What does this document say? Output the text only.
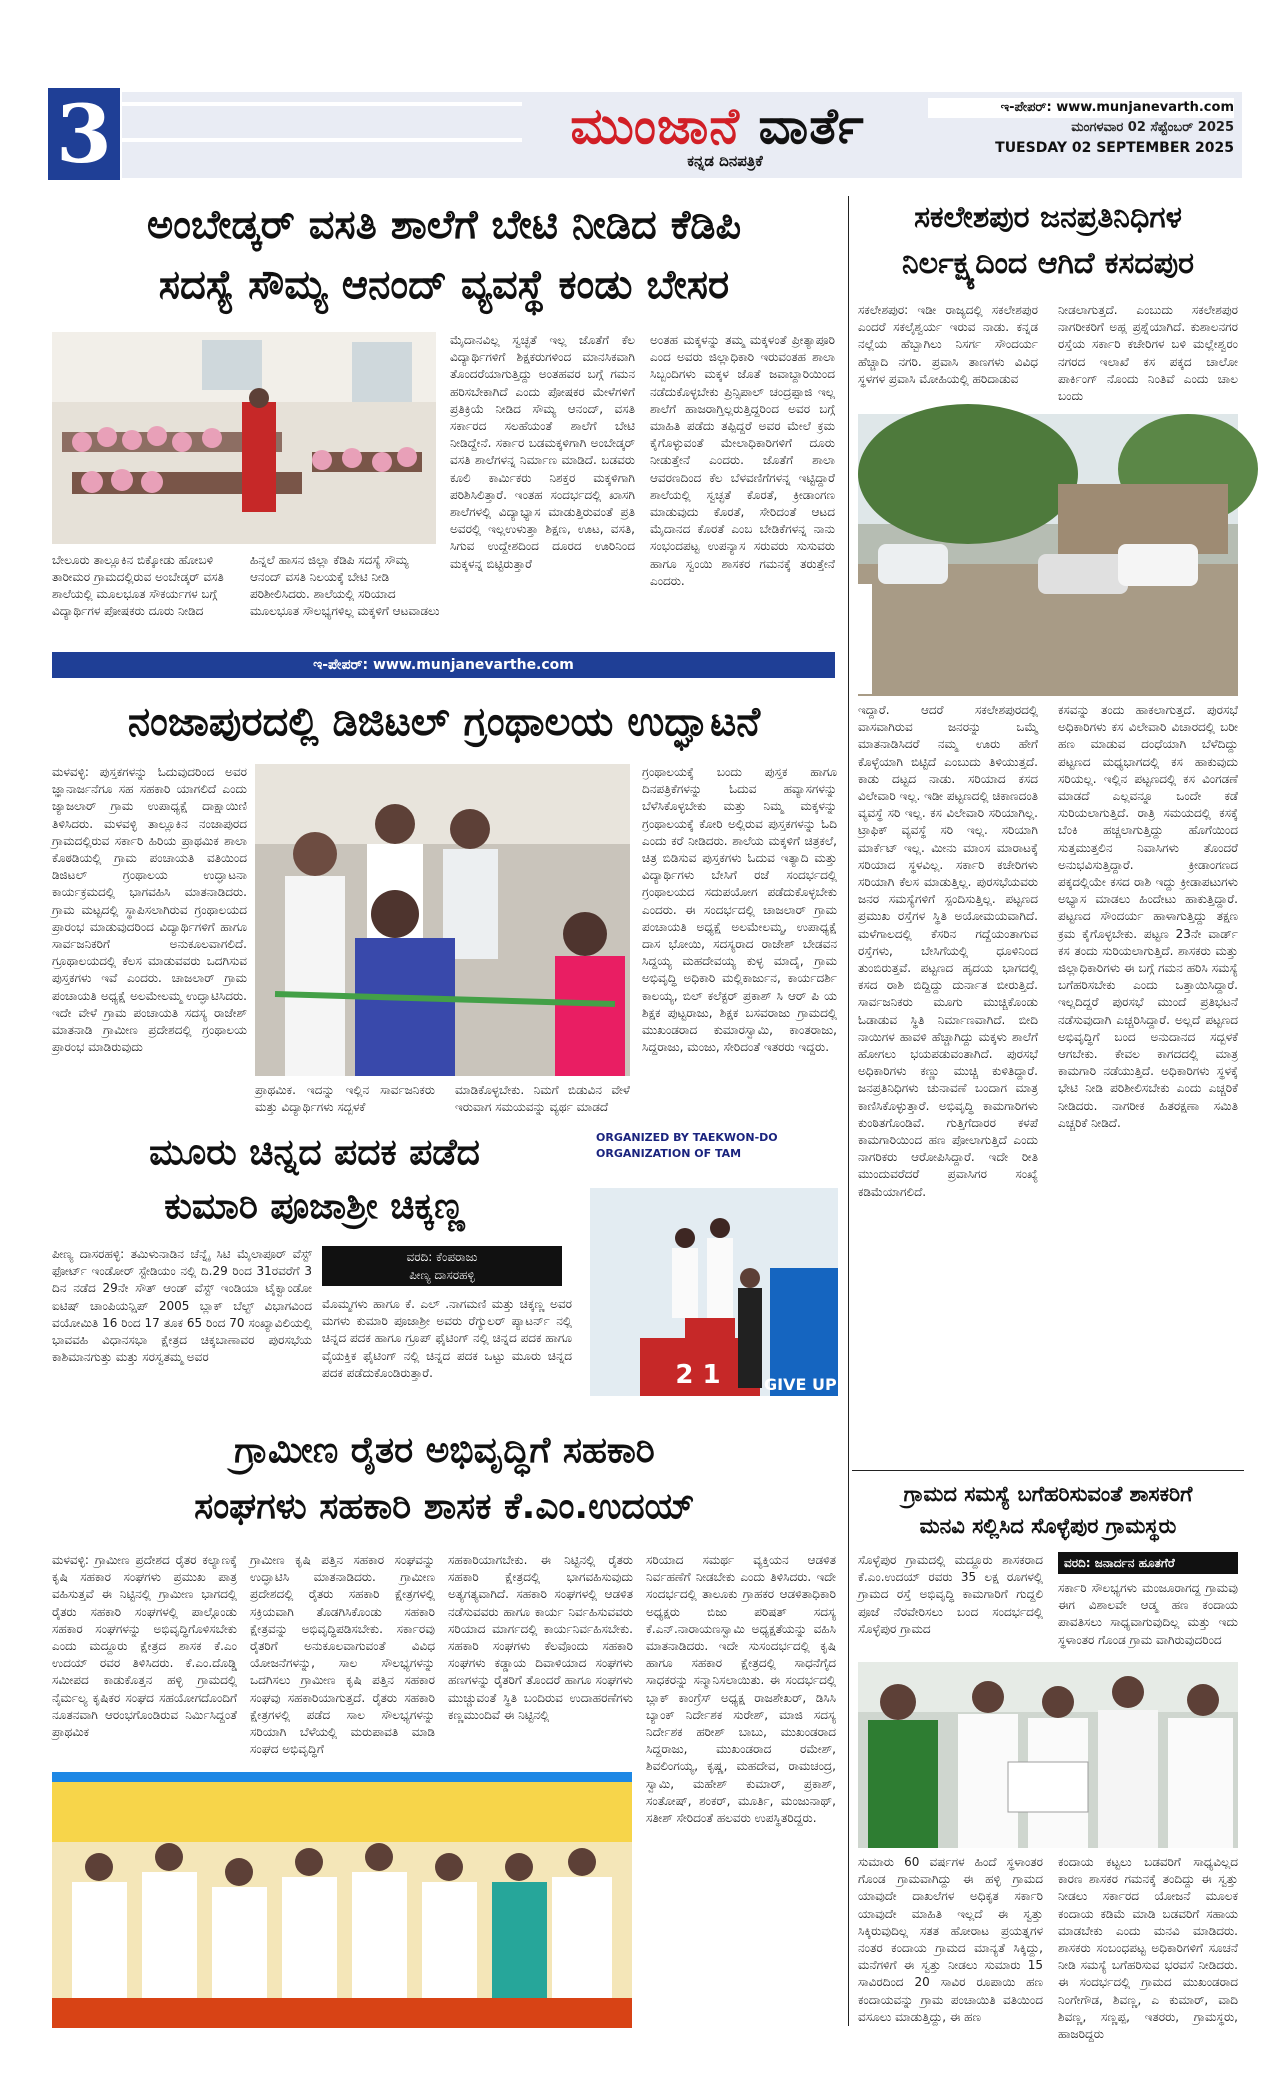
3	ಮುಂಜಾನೆ ವಾರ್ತೆ
ಕನ್ನಡ ದಿನಪತ್ರಿಕೆ
ಇ-ಪೇಪರ್: www.munjanevarth.com
ಮಂಗಳವಾರ 02 ಸೆಪ್ಟೆಂಬರ್ 2025
TUESDAY 02 SEPTEMBER 2025
ಅಂಬೇಡ್ಕರ್ ವಸತಿ ಶಾಲೆಗೆ ಬೇಟಿ ನೀಡಿದ ಕೆಡಿಪಿ
ಸದಸ್ಯೆ ಸೌಮ್ಯ ಆನಂದ್ ವ್ಯವಸ್ಥೆ ಕಂಡು ಬೇಸರ
ಬೇಲೂರು ತಾಲ್ಲೂಕಿನ ಬಿಕ್ಕೋಡು ಹೋಬಳಿ ತಾರೀಮರ ಗ್ರಾಮದಲ್ಲಿರುವ ಅಂಬೇಡ್ಕರ್ ವಸತಿ ಶಾಲೆಯಲ್ಲಿ ಮೂಲಭೂತ ಸೌಕರ್ಯಗಳ ಬಗ್ಗೆ ವಿದ್ಯಾರ್ಥಿಗಳ ಪೋಷಕರು ದೂರು ನೀಡಿದ
ಹಿನ್ನಲೆ ಹಾಸನ ಜಿಲ್ಲಾ ಕೆಡಿಪಿ ಸದಸ್ಯೆ ಸೌಮ್ಯ ಆನಂದ್ ವಸತಿ ನಿಲಯಕ್ಕೆ ಬೇಟಿ ನೀಡಿ ಪರಿಶೀಲಿಸಿದರು. ಶಾಲೆಯಲ್ಲಿ ಸರಿಯಾದ ಮೂಲಭೂತ ಸೌಲಭ್ಯಗಳಿಲ್ಲ ಮಕ್ಕಳಿಗೆ ಆಟವಾಡಲು
ಮೈದಾನವಿಲ್ಲ ಸ್ವಚ್ಛತೆ ಇಲ್ಲ ಜೊತೆಗೆ ಕೆಲ ವಿದ್ಯಾರ್ಥಿಗಳಿಗೆ ಶಿಕ್ಷಕರುಗಳಿಂದ ಮಾನಸಿಕವಾಗಿ ತೊಂದರೆಯಾಗುತ್ತಿದ್ದು ಅಂತಹವರ ಬಗ್ಗೆ ಗಮನ ಹರಿಸಬೇಕಾಗಿದೆ ಎಂದು ಪೋಷಕರ ಮೇಳೆಗಳಿಗೆ ಪ್ರತಿಕ್ರಿಯೆ ನೀಡಿದ ಸೌಮ್ಯ ಆನಂದ್, ವಸತಿ ಸರ್ಕಾರದ ಸಲಹೆಯಂತೆ ಶಾಲೆಗೆ ಬೇಟಿ ನೀಡಿದ್ದೇನೆ. ಸರ್ಕಾರ ಬಡಮಕ್ಕಳಿಗಾಗಿ ಅಂಬೇಡ್ಕರ್ ವಸತಿ ಶಾಲೆಗಳನ್ನ ನಿರ್ಮಾಣ ಮಾಡಿದೆ. ಬಡವರು ಕೂಲಿ ಕಾರ್ಮಿಕರು ನಿಶಕ್ತರ ಮಕ್ಕಳಿಗಾಗಿ ಪರಿಶಿಸಿಲಿತ್ತಾರೆ. ಇಂತಹ ಸಂದರ್ಭದಲ್ಲಿ ಖಾಸಗಿ ಶಾಲೆಗಳಲ್ಲಿ ವಿದ್ಯಾಭ್ಯಾಸ ಮಾಡುತ್ತಿರುವಂತೆ ಪ್ರತಿ ಅವರಲ್ಲಿ ಇಲ್ಲಉಳುತ್ತಾ ಶಿಕ್ಷಣ, ಊಟ, ವಸತಿ, ಸಿಗುವ ಉದ್ದೇಶದಿಂದ ದೂರದ ಊರಿನಿಂದ ಮಕ್ಕಳನ್ನ ಬಿಟ್ಟಿರುತ್ತಾರೆ
ಅಂತಹ ಮಕ್ಕಳನ್ನು ತಮ್ಮ ಮಕ್ಕಳಂತೆ ಪ್ರೀತ್ಯಾಪೂರಿ ಎಂದ ಅವರು ಜಿಲ್ಲಾಧಿಕಾರಿ ಇರುವಂತಹ ಶಾಲಾ ಸಿಬ್ಬಂದಿಗಳು ಮಕ್ಕಳ ಜೊತೆ ಜವಾಬ್ದಾರಿಯಿಂದ ನಡೆದುಕೊಳ್ಳಬೇಕು ಪ್ರಿನ್ಸಿಪಾಲ್ ಚಂದ್ರಪ್ಪಾಜಿ ಇಲ್ಲ ಶಾಲೆಗೆ ಹಾಜರಾಗ್ತಿಲ್ಲರುತ್ತಿದ್ದರಿಂದ ಅವರ ಬಗ್ಗೆ ಮಾಹಿತಿ ಪಡೆದು ತಪ್ಪಿದ್ದರೆ ಅವರ ಮೇಲೆ ಕ್ರಮ ಕೈಗೊಳ್ಳುವಂತೆ ಮೇಲಾಧಿಕಾರಿಗಳಿಗೆ ದೂರು ನೀಡುತ್ತೇನೆ ಎಂದರು. ಜೊತೆಗೆ ಶಾಲಾ ಆವರಣದಿಂದ ಕೆಲ ಬೆಳವಣಿಗೆಗಳನ್ನ ಇಟ್ಟಿದ್ದಾರೆ ಶಾಲೆಯಲ್ಲಿ ಸ್ವಚ್ಛತೆ ಕೊರತೆ, ಕ್ರೀಡಾಂಗಣ ಮಾಡುವುದು ಕೊರತೆ, ಸೇರಿದಂತೆ ಆಟದ ಮೈದಾನದ ಕೊರತೆ ಎಂಬ ಬೇಡಿಕೆಗಳನ್ನ ನಾನು ಸಂಭಂದಪಟ್ಟ ಉಪನ್ಯಾಸ ಸರುವರು ಸುಸುವರು ಹಾಗೂ ಸ್ವಂಯಿ ಶಾಸಕರ ಗಮನಕ್ಕೆ ತರುತ್ತೇನೆ ಎಂದರು.
ಇ-ಪೇಪರ್: www.munjanevarthe.com
ಸಕಲೇಶಪುರ ಜನಪ್ರತಿನಿಧಿಗಳ
ನಿರ್ಲಕ್ಷ್ಯದಿಂದ ಆಗಿದೆ ಕಸದಪುರ
ಸಕಲೇಶಪುರ: ಇಡೀ ರಾಜ್ಯದಲ್ಲಿ ಸಕಲೇಶಪುರ ಎಂದರೆ ಸಕಲೈಶ್ವರ್ಯ ಇರುವ ನಾಡು. ಕನ್ನಡ ನಲ್ಲೆಯ ಹೆಬ್ಬಾಗಿಲು ನಿಸರ್ಗ ಸೌಂದರ್ಯ ಹೆಚ್ಚಾದಿ ನಗರಿ. ಪ್ರವಾಸಿ ತಾಣಗಳು ವಿವಿಧ ಸ್ಥಳಗಳ ಪ್ರವಾಸಿ ಮೋಹಿಯಲ್ಲಿ ಹರಿದಾಡುವ
ನೀಡಲಾಗುತ್ತದೆ. ಎಂಬುದು ಸಕಲೇಶಪುರ ನಾಗರೀಕರಿಗೆ ಅಹ್ಲ ಪ್ರಶ್ನೆಯಾಗಿದೆ. ಕುಶಾಲನಗರ ರಸ್ತೆಯ ಸರ್ಕಾರಿ ಕಚೇರಿಗಳ ಬಳಿ ಮಲ್ಲೇಶ್ವರಂ ನಗರದ ಇಲಾಖೆ ಕಸ ಪಕ್ಕದ ಚಾಲೋ ಪಾರ್ಕಿಂಗ್ ನೊಂದು ನಿಂತಿವೆ ಎಂದು ಚಾಲ ಬಂದು
ಇದ್ದಾರೆ. ಆದರೆ ಸಕಲೇಶಪುರದಲ್ಲಿ ವಾಸವಾಗಿರುವ ಜನರನ್ನು ಒಮ್ಮೆ ಮಾತನಾಡಿಸಿದರೆ ನಮ್ಮ ಊರು ಹೇಗೆ ಕೊಳ್ಳೆಯಾಗಿ ಬಿಟ್ಟಿದೆ ಎಂಬುದು ತಿಳಿಯುತ್ತದೆ. ಕಾಡು ದಟ್ಟದ ನಾಡು. ಸರಿಯಾದ ಕಸದ ವಿಲೇವಾರಿ ಇಲ್ಲ. ಇಡೀ ಪಟ್ಟಣದಲ್ಲಿ ಚಿಕಾಣದಂತಿ ವ್ಯವಸ್ಥೆ ಸರಿ ಇಲ್ಲ. ಕಸ ವಿಲೇವಾರಿ ಸರಿಯಾಗಿಲ್ಲ. ಟ್ರಾಫಿಕ್ ವ್ಯವಸ್ಥೆ ಸರಿ ಇಲ್ಲ. ಸರಿಯಾಗಿ ಮಾರ್ಕೆಟ್ ಇಲ್ಲ. ಮೀನು ಮಾಂಸ ಮಾರಾಟಕ್ಕೆ ಸರಿಯಾದ ಸ್ಥಳವಿಲ್ಲ. ಸರ್ಕಾರಿ ಕಚೇರಿಗಳು ಸರಿಯಾಗಿ ಕೆಲಸ ಮಾಡುತ್ತಿಲ್ಲ. ಪುರಸಭೆಯವರು ಜನರ ಸಮಸ್ಯೆಗಳಿಗೆ ಸ್ಪಂದಿಸುತ್ತಿಲ್ಲ. ಪಟ್ಟಣದ ಪ್ರಮುಖ ರಸ್ತೆಗಳ ಸ್ಥಿತಿ ಅಯೋಮಯವಾಗಿದೆ. ಮಳೆಗಾಲದಲ್ಲಿ ಕೆಸರಿನ ಗದ್ದೆಯಂತಾಗುವ ರಸ್ತೆಗಳು, ಬೇಸಿಗೆಯಲ್ಲಿ ಧೂಳಿನಿಂದ ತುಂಬಿರುತ್ತವೆ. ಪಟ್ಟಣದ ಹೃದಯ ಭಾಗದಲ್ಲಿ ಕಸದ ರಾಶಿ ಬಿದ್ದಿದ್ದು ದುರ್ನಾತ ಬೀರುತ್ತಿದೆ. ಸಾರ್ವಜನಿಕರು ಮೂಗು ಮುಚ್ಚಿಕೊಂಡು ಓಡಾಡುವ ಸ್ಥಿತಿ ನಿರ್ಮಾಣವಾಗಿದೆ. ಬೀದಿ ನಾಯಿಗಳ ಹಾವಳಿ ಹೆಚ್ಚಾಗಿದ್ದು ಮಕ್ಕಳು ಶಾಲೆಗೆ ಹೋಗಲು ಭಯಪಡುವಂತಾಗಿದೆ. ಪುರಸಭೆ ಅಧಿಕಾರಿಗಳು ಕಣ್ಣು ಮುಚ್ಚಿ ಕುಳಿತಿದ್ದಾರೆ. ಜನಪ್ರತಿನಿಧಿಗಳು ಚುನಾವಣೆ ಬಂದಾಗ ಮಾತ್ರ ಕಾಣಿಸಿಕೊಳ್ಳುತ್ತಾರೆ. ಅಭಿವೃದ್ಧಿ ಕಾಮಗಾರಿಗಳು ಕುಂಠಿತಗೊಂಡಿವೆ. ಗುತ್ತಿಗೆದಾರರ ಕಳಪೆ ಕಾಮಗಾರಿಯಿಂದ ಹಣ ಪೋಲಾಗುತ್ತಿದೆ ಎಂದು ನಾಗರಿಕರು ಆರೋಪಿಸಿದ್ದಾರೆ. ಇದೇ ರೀತಿ ಮುಂದುವರೆದರೆ ಪ್ರವಾಸಿಗರ ಸಂಖ್ಯೆ ಕಡಿಮೆಯಾಗಲಿದೆ.
ಕಸವನ್ನು ತಂದು ಹಾಕಲಾಗುತ್ತದೆ. ಪುರಸಭೆ ಅಧಿಕಾರಿಗಳು ಕಸ ವಿಲೇವಾರಿ ವಿಚಾರದಲ್ಲಿ ಬರೀ ಹಣ ಮಾಡುವ ದಂಧೆಯಾಗಿ ಬೆಳೆದಿದ್ದು ಪಟ್ಟಣದ ಮಧ್ಯಭಾಗದಲ್ಲಿ ಕಸ ಹಾಕುವುದು ಸರಿಯಲ್ಲ. ಇಲ್ಲಿನ ಪಟ್ಟಣದಲ್ಲಿ ಕಸ ವಿಂಗಡಣೆ ಮಾಡದೆ ಎಲ್ಲವನ್ನೂ ಒಂದೇ ಕಡೆ ಸುರಿಯಲಾಗುತ್ತಿದೆ. ರಾತ್ರಿ ಸಮಯದಲ್ಲಿ ಕಸಕ್ಕೆ ಬೆಂಕಿ ಹಚ್ಚಲಾಗುತ್ತಿದ್ದು ಹೊಗೆಯಿಂದ ಸುತ್ತಮುತ್ತಲಿನ ನಿವಾಸಿಗಳು ತೊಂದರೆ ಅನುಭವಿಸುತ್ತಿದ್ದಾರೆ. ಕ್ರೀಡಾಂಗಣದ ಪಕ್ಕದಲ್ಲಿಯೇ ಕಸದ ರಾಶಿ ಇದ್ದು ಕ್ರೀಡಾಪಟುಗಳು ಅಭ್ಯಾಸ ಮಾಡಲು ಹಿಂದೇಟು ಹಾಕುತ್ತಿದ್ದಾರೆ. ಪಟ್ಟಣದ ಸೌಂದರ್ಯ ಹಾಳಾಗುತ್ತಿದ್ದು ತಕ್ಷಣ ಕ್ರಮ ಕೈಗೊಳ್ಳಬೇಕು. ಪಟ್ಟಣ 23ನೇ ವಾರ್ಡ್ ಕಸ ತಂದು ಸುರಿಯಲಾಗುತ್ತಿದೆ. ಶಾಸಕರು ಮತ್ತು ಜಿಲ್ಲಾಧಿಕಾರಿಗಳು ಈ ಬಗ್ಗೆ ಗಮನ ಹರಿಸಿ ಸಮಸ್ಯೆ ಬಗೆಹರಿಸಬೇಕು ಎಂದು ಒತ್ತಾಯಿಸಿದ್ದಾರೆ. ಇಲ್ಲದಿದ್ದರೆ ಪುರಸಭೆ ಮುಂದೆ ಪ್ರತಿಭಟನೆ ನಡೆಸುವುದಾಗಿ ಎಚ್ಚರಿಸಿದ್ದಾರೆ. ಅಲ್ಲದೆ ಪಟ್ಟಣದ ಅಭಿವೃದ್ಧಿಗೆ ಬಂದ ಅನುದಾನದ ಸದ್ಬಳಕೆ ಆಗಬೇಕು. ಕೇವಲ ಕಾಗದದಲ್ಲಿ ಮಾತ್ರ ಕಾಮಗಾರಿ ನಡೆಯುತ್ತಿದೆ. ಅಧಿಕಾರಿಗಳು ಸ್ಥಳಕ್ಕೆ ಭೇಟಿ ನೀಡಿ ಪರಿಶೀಲಿಸಬೇಕು ಎಂದು ಎಚ್ಚರಿಕೆ ನೀಡಿದರು. ನಾಗರೀಕ ಹಿತರಕ್ಷಣಾ ಸಮಿತಿ ಎಚ್ಚರಿಕೆ ನೀಡಿದೆ.
ನಂಜಾಪುರದಲ್ಲಿ ಡಿಜಿಟಲ್ ಗ್ರಂಥಾಲಯ ಉದ್ಘಾಟನೆ
ಮಳವಳ್ಳಿ: ಪುಸ್ತಕಗಳನ್ನು ಓದುವುದರಿಂದ ಅವರ ಜ್ಞಾನಾರ್ಜನೆಗೂ ಸಹ ಸಹಕಾರಿ ಯಾಗಲಿದೆ ಎಂದು ಜ್ಯಾಜಲಾರ್ ಗ್ರಾಮ ಉಪಾಧ್ಯಕ್ಷೆ ದಾಕ್ಷಾಯಿಣಿ ತಿಳಿಸಿದರು. ಮಳವಳ್ಳಿ ತಾಲ್ಲೂಕಿನ ನಂಜಾಪುರದ ಗ್ರಾಮದಲ್ಲಿರುವ ಸರ್ಕಾರಿ ಹಿರಿಯ ಪ್ರಾಥಮಿಕ ಶಾಲಾ ಕೊಠಡಿಯಲ್ಲಿ ಗ್ರಾಮ ಪಂಚಾಯತಿ ವತಿಯಿಂದ ಡಿಜಿಟಲ್ ಗ್ರಂಥಾಲಯ ಉದ್ಘಾಟನಾ ಕಾರ್ಯಕ್ರಮದಲ್ಲಿ ಭಾಗವಹಿಸಿ ಮಾತನಾಡಿದರು. ಗ್ರಾಮ ಮಟ್ಟದಲ್ಲಿ ಸ್ಥಾಪಿಸಲಾಗಿರುವ ಗ್ರಂಥಾಲಯದ ಪ್ರಾರಂಭ ಮಾಡುವುದರಿಂದ ವಿದ್ಯಾರ್ಥಿಗಳಿಗೆ ಹಾಗೂ ಸಾರ್ವಜನಿಕರಿಗೆ ಅನುಕೂಲವಾಗಲಿದೆ. ಗ್ರೂಥಾಲಯದಲ್ಲಿ ಕೆಲಸ ಮಾಡುವವರು ಒದಗಿಸುವ ಪುಸ್ತಕಗಳು ಇವೆ ಎಂದರು. ಚಾಜಲಾರ್ ಗ್ರಾಮ ಪಂಚಾಯತಿ ಅಧ್ಯಕ್ಷೆ ಅಲಮೇಲಮ್ಮ ಉದ್ಘಾಟಿಸಿದರು. ಇದೇ ವೇಳೆ ಗ್ರಾಮ ಪಂಚಾಯತಿ ಸದಸ್ಯ ರಾಜೇಶ್ ಮಾತನಾಡಿ ಗ್ರಾಮೀಣ ಪ್ರದೇಶದಲ್ಲಿ ಗ್ರಂಥಾಲಯ ಪ್ರಾರಂಭ ಮಾಡಿರುವುದು
ಪ್ರಾಥಮಿಕ. ಇದನ್ನು ಇಲ್ಲಿನ ಸಾರ್ವಜನಿಕರು ಮತ್ತು ವಿದ್ಯಾರ್ಥಿಗಳು ಸದ್ಬಳಕೆ
ಮಾಡಿಕೊಳ್ಳಬೇಕು. ನಿಮಗೆ ಬಿಡುವಿನ ವೇಳೆ ಇರುವಾಗ ಸಮಯವನ್ನು ವ್ಯರ್ಥ ಮಾಡದೆ
ಗ್ರಂಥಾಲಯಕ್ಕೆ ಬಂದು ಪುಸ್ತಕ ಹಾಗೂ ದಿನಪತ್ರಿಕೆಗಳನ್ನು ಓದುವ ಹವ್ಯಾಸಗಳನ್ನು ಬೆಳೆಸಿಕೊಳ್ಳಬೇಕು ಮತ್ತು ನಿಮ್ಮ ಮಕ್ಕಳನ್ನು ಗ್ರಂಥಾಲಯಕ್ಕೆ ಕೋರಿ ಅಲ್ಲಿರುವ ಪುಸ್ತಕಗಳನ್ನು ಓದಿ ಎಂದು ಕರೆ ನೀಡಿದರು. ಶಾಲೆಯ ಮಕ್ಕಳಿಗೆ ಚಿತ್ರಕಲೆ, ಚಿತ್ರ ಬಿಡಿಸುವ ಪುಸ್ತಕಗಳು ಓದುವ ಇತ್ಯಾದಿ ಮತ್ತು ವಿದ್ಯಾರ್ಥಿಗಳು ಬೇಸಿಗೆ ರಜೆ ಸಂದರ್ಭದಲ್ಲಿ ಗ್ರಂಥಾಲಯದ ಸದುಪಯೋಗ ಪಡೆದುಕೊಳ್ಳಬೇಕು ಎಂದರು. ಈ ಸಂದರ್ಭದಲ್ಲಿ ಚಾಜಲಾರ್ ಗ್ರಾಮ ಪಂಚಾಯತಿ ಅಧ್ಯಕ್ಷೆ ಅಲಮೇಲಮ್ಮ, ಉಪಾಧ್ಯಕ್ಷೆ ದಾಸ ಭೋಯಿ, ಸದಸ್ಯರಾದ ರಾಜೇಶ್ ಬೇಡವನ ಸಿದ್ದಯ್ಯ ಮಹದೇವಯ್ಯ ಕುಳ್ಳ ಮಾದೈ, ಗ್ರಾಮ ಅಭಿವೃದ್ಧಿ ಅಧಿಕಾರಿ ಮಲ್ಲಿಕಾರ್ಜುನ, ಕಾರ್ಯದರ್ಶಿ ಕಾಲಯ್ಯ, ಬಿಲ್ ಕಲೆಕ್ಟರ್ ಪ್ರಕಾಶ್ ಸಿ ಆರ್ ಪಿ ಯ ಶಿಕ್ಷಕ ಪುಟ್ಟರಾಜು, ಶಿಕ್ಷಕ ಬಸವರಾಜು ಗ್ರಾಮದಲ್ಲಿ ಮುಖಂಡರಾದ ಕುಮಾರಸ್ವಾಮಿ, ಕಾಂತರಾಜು, ಸಿದ್ದರಾಜು, ಮಂಜು, ಸೇರಿದಂತೆ ಇತರರು ಇದ್ದರು.
ಮೂರು ಚಿನ್ನದ ಪದಕ ಪಡೆದ
ಕುಮಾರಿ ಪೂಜಾಶ್ರೀ ಚಿಕ್ಕಣ್ಣ
ಪೀಣ್ಯ ದಾಸರಹಳ್ಳಿ: ತಮಿಳುನಾಡಿನ ಚೆನ್ನೈ ಸಿಟಿ ಮೈಲಾಪೂರ್ ವೆಸ್ಟ್ ಫೋರ್ಟ್ ಇಂಡೋರ್ ಸ್ಟೇಡಿಯಂ ನಲ್ಲಿ ದಿ.29 ರಿಂದ 31ರವರೆಗೆ 3 ದಿನ ನಡೆದ 29ನೇ ಸೌತ್ ಆಂಡ್ ವೆಸ್ಟ್ ಇಂಡಿಯಾ ಟೈಕ್ವಾಂಡೋ ಐಟಿಷ್ ಚಾಂಪಿಯನ್ಷಿಪ್ 2005 ಬ್ಲಾಕ್ ಬೆಲ್ಟ್ ವಿಭಾಗವಿಂದ ವಯೋಮಿತಿ 16 ರಿಂದ 17 ತೂಕ 65 ರಿಂದ 70 ಸಂಖ್ಯಾವಿಲಿಯಲ್ಲಿ ಭಾವವಹಿ ವಿಧಾನಸಭಾ ಕ್ಷೇತ್ರದ ಚಿಕ್ಕಬಾಣಾವರ ಪುರಸಭೆಯ ಕಾಶಿಮಾನಗುತ್ತು ಮತ್ತು ಸರಸ್ವತಮ್ಮ ಅವರ
ವರದಿ: ಕೆಂಪರಾಜು
ಪೀಣ್ಯ ದಾಸರಹಳ್ಳಿ
ಮೊಮ್ಮಗಳು ಹಾಗೂ ಕೆ. ಎಲ್ .ನಾಗಮಣಿ ಮತ್ತು ಚಿಕ್ಕಣ್ಣ ಅವರ ಮಗಳು ಕುಮಾರಿ ಪೂಜಾಶ್ರೀ ಅವರು ರೆಗ್ಯುಲರ್ ಪ್ಯಾಟರ್ನ್ ನಲ್ಲಿ ಚಿನ್ನದ ಪದಕ ಹಾಗೂ ಗ್ರೂಪ್ ಫೈಟಿಂಗ್ ನಲ್ಲಿ ಚಿನ್ನದ ಪದಕ ಹಾಗೂ ವೈಯಕ್ತಿಕ ಫೈಟಿಂಗ್ ನಲ್ಲಿ ಚಿನ್ನದ ಪದಕ ಒಟ್ಟು ಮೂರು ಚಿನ್ನದ ಪದಕ ಪಡೆದುಕೊಂಡಿರುತ್ತಾರೆ.	2 1	GIVE UP!
ORGANIZED BY TAEKWON-DO ORGANIZATION OF TAM
ಗ್ರಾಮೀಣ ರೈತರ ಅಭಿವೃದ್ಧಿಗೆ ಸಹಕಾರಿ
ಸಂಘಗಳು ಸಹಕಾರಿ ಶಾಸಕ ಕೆ.ಎಂ.ಉದಯ್
ಮಳವಳ್ಳಿ: ಗ್ರಾಮೀಣ ಪ್ರದೇಶದ ರೈತರ ಕಲ್ಯಾಣಕ್ಕೆ ಕೃಷಿ ಸಹಕಾರ ಸಂಘಗಳು ಪ್ರಮುಖ ಪಾತ್ರ ವಹಿಸುತ್ತವೆ ಈ ನಿಟ್ಟಿನಲ್ಲಿ ಗ್ರಾಮೀಣ ಭಾಗದಲ್ಲಿ ರೈತರು ಸಹಕಾರಿ ಸಂಘಗಳಲ್ಲಿ ಪಾಲ್ಗೊಂಡು ಸಹಕಾರ ಸಂಘಗಳನ್ನು ಅಭಿವೃದ್ಧಿಗೊಳಿಸಬೇಕು ಎಂದು ಮದ್ದೂರು ಕ್ಷೇತ್ರದ ಶಾಸಕ ಕೆ.ಎಂ ಉದಯ್ ರವರ ತಿಳಿಸಿದರು. ಕೆ.ಎಂ.ದೊಡ್ಡಿ ಸಮೀಪದ ಕಾಡುಕೊತ್ತನ ಹಳ್ಳಿ ಗ್ರಾಮದಲ್ಲಿ ನೈರ್ಮಲ್ಯ ಕೃಷಿಕರ ಸಂಘದ ಸಹಯೋಗದೊಂದಿಗೆ ನೂತನವಾಗಿ ಆರಂಭಗೊಂಡಿರುವ ನಿರ್ಮಿಸಿದ್ದಂತೆ ಪ್ರಾಥಮಿಕ
ಗ್ರಾಮೀಣ ಕೃಷಿ ಪತ್ತಿನ ಸಹಕಾರ ಸಂಘವನ್ನು ಉದ್ಘಾಟಿಸಿ ಮಾತನಾಡಿದರು. ಗ್ರಾಮೀಣ ಪ್ರದೇಶದಲ್ಲಿ ರೈತರು ಸಹಕಾರಿ ಕ್ಷೇತ್ರಗಳಲ್ಲಿ ಸಕ್ರಿಯವಾಗಿ ತೊಡಗಿಸಿಕೊಂಡು ಸಹಕಾರಿ ಕ್ಷೇತ್ರವನ್ನು ಅಭಿವೃದ್ಧಿಪಡಿಸಬೇಕು. ಸರ್ಕಾರವು ರೈತರಿಗೆ ಅನುಕೂಲವಾಗುವಂತೆ ವಿವಿಧ ಯೋಜನೆಗಳನ್ನು, ಸಾಲ ಸೌಲಭ್ಯಗಳನ್ನು ಒದಗಿಸಲು ಗ್ರಾಮೀಣ ಕೃಷಿ ಪತ್ತಿನ ಸಹಕಾರ ಸಂಘವು ಸಹಕಾರಿಯಾಗುತ್ತದೆ. ರೈತರು ಸಹಕಾರಿ ಕ್ಷೇತ್ರಗಳಲ್ಲಿ ಪಡೆದ ಸಾಲ ಸೌಲಭ್ಯಗಳನ್ನು ಸರಿಯಾಗಿ ಬೆಳೆಯಲ್ಲಿ ಮರುಪಾವತಿ ಮಾಡಿ ಸಂಘದ ಅಭಿವೃದ್ಧಿಗೆ
ಸಹಕಾರಿಯಾಗಬೇಕು. ಈ ನಿಟ್ಟಿನಲ್ಲಿ ರೈತರು ಸಹಕಾರಿ ಕ್ಷೇತ್ರದಲ್ಲಿ ಭಾಗವಹಿಸುವುದು ಅತ್ಯಗತ್ಯವಾಗಿದೆ. ಸಹಕಾರಿ ಸಂಘಗಳಲ್ಲಿ ಆಡಳಿತ ನಡೆಸುವವರು ಹಾಗೂ ಕಾರ್ಯ ನಿರ್ವಹಿಸುವವರು ಸರಿಯಾದ ಮಾರ್ಗದಲ್ಲಿ ಕಾರ್ಯನಿರ್ವಹಿಸಬೇಕು. ಸಹಕಾರಿ ಸಂಘಗಳು ಕೆಲವೊಂದು ಸಹಕಾರಿ ಸಂಘಗಳು ಕಡ್ಡಾಯ ದಿವಾಳಿಯಾದ ಸಂಘಗಳು ಹಣಗಳನ್ನು ರೈತರಿಗೆ ತೊಂದರೆ ಹಾಗೂ ಸಂಘಗಳು ಮುಚ್ಚುವಂತೆ ಸ್ಥಿತಿ ಬಂದಿರುವ ಉದಾಹರಣೆಗಳು ಕಣ್ಣಮುಂದಿವೆ ಈ ನಿಟ್ಟಿನಲ್ಲಿ
ಸರಿಯಾದ ಸಮರ್ಥ ವ್ಯಕ್ತಿಯನ ಆಡಳಿತ ನಿರ್ವಹಣೆಗೆ ನೀಡಬೇಕು ಎಂದು ತಿಳಿಸಿದರು. ಇದೇ ಸಂದರ್ಭದಲ್ಲಿ ತಾಲೂಕು ಗ್ರಾಹಕರ ಆಡಳಿತಾಧಿಕಾರಿ ಅಧ್ಯಕ್ಷರು ಬಿಜು ಪರಿಷತ್ ಸದಸ್ಯ ಕೆ.ಎನ್.ನಾರಾಯಣಸ್ವಾಮಿ ಅಧ್ಯಕ್ಷತೆಯನ್ನು ವಹಿಸಿ ಮಾತನಾಡಿದರು. ಇದೇ ಸುಸಂದರ್ಭದಲ್ಲಿ ಕೃಷಿ ಹಾಗೂ ಸಹಕಾರ ಕ್ಷೇತ್ರದಲ್ಲಿ ಸಾಧನೆಗೈದ ಸಾಧಕರನ್ನು ಸನ್ಮಾನಿಸಲಾಯಿತು. ಈ ಸಂದರ್ಭದಲ್ಲಿ ಬ್ಲಾಕ್ ಕಾಂಗ್ರೆಸ್ ಅಧ್ಯಕ್ಷ ರಾಜಶೇಖರ್, ಡಿಸಿಸಿ ಬ್ಯಾಂಕ್ ನಿರ್ದೇಶಕ ಸುರೇಶ್, ಮಾಜಿ ಸದಸ್ಯ ನಿರ್ದೇಶಕ ಹರೀಶ್ ಬಾಬು, ಮುಖಂಡರಾದ ಸಿದ್ದರಾಜು, ಮುಖಂಡರಾದ ರಮೇಶ್, ಶಿವಲಿಂಗಯ್ಯ, ಕೃಷ್ಣ, ಮಹದೇವ, ರಾಮಚಂದ್ರ, ಸ್ವಾಮಿ, ಮಹೇಶ್ ಕುಮಾರ್, ಪ್ರಕಾಶ್, ಸಂತೋಷ್, ಶಂಕರ್, ಮೂರ್ತಿ, ಮಂಜುನಾಥ್, ಸತೀಶ್ ಸೇರಿದಂತೆ ಹಲವರು ಉಪಸ್ಥಿತರಿದ್ದರು.
ಗ್ರಾಮದ ಸಮಸ್ಯೆ ಬಗೆಹರಿಸುವಂತೆ ಶಾಸಕರಿಗೆ
ಮನವಿ ಸಲ್ಲಿಸಿದ ಸೊಳ್ಳೆಪುರ ಗ್ರಾಮಸ್ಥರು
ಸೊಳ್ಳೆಪುರ ಗ್ರಾಮದಲ್ಲಿ ಮದ್ದೂರು ಶಾಸಕರಾದ ಕೆ.ಎಂ.ಉದಯ್ ರವರು 35 ಲಕ್ಷ ರೂಗಳಲ್ಲಿ ಗ್ರಾಮದ ರಸ್ತೆ ಅಭಿವೃದ್ಧಿ ಕಾಮಗಾರಿಗೆ ಗುದ್ದಲಿ ಪೂಜೆ ನೆರವೇರಿಸಲು ಬಂದ ಸಂದರ್ಭದಲ್ಲಿ ಸೊಳ್ಳೆಪುರ ಗ್ರಾಮದ
ವರದಿ: ಜನಾರ್ದನ ಹೂತಗೆರೆ
ಸರ್ಕಾರಿ ಸೌಲಭ್ಯಗಳು ಮಂಜೂರಾಗದ್ದ ಗ್ರಾಮವು ಈಗ ವಿಶಾಲವೇ ಆಡ್ಮ ಹಣ ಕಂದಾಯ ಪಾವತಿಸಲು ಸಾಧ್ಯವಾಗುವುದಿಲ್ಲ ಮತ್ತು ಇದು ಸ್ಥಳಾಂತರ ಗೊಂಡ ಗ್ರಾಮ ವಾಗಿರುವುದರಿಂದ
ಸುಮಾರು 60 ವರ್ಷಗಳ ಹಿಂದೆ ಸ್ಥಳಾಂತರ ಗೊಂಡ ಗ್ರಾಮವಾಗಿದ್ದು ಈ ಹಳ್ಳಿ ಗ್ರಾಮದ ಯಾವುದೇ ದಾಖಲೆಗಳ ಅಧಿಕೃತ ಸರ್ಕಾರಿ ಯಾವುದೇ ಮಾಹಿತಿ ಇಲ್ಲದೆ ಈ ಸ್ವತ್ತು ಸಿಕ್ಕಿರುವುದಿಲ್ಲ ಸತತ ಹೋರಾಟ ಪ್ರಯತ್ನಗಳ ನಂತರ ಕಂದಾಯ ಗ್ರಾಮದ ಮಾನ್ಯತೆ ಸಿಕ್ಕಿದ್ದು, ಮನೆಗಳಿಗೆ ಈ ಸ್ವತ್ತು ನೀಡಲು ಸುಮಾರು 15 ಸಾವಿರದಿಂದ 20 ಸಾವಿರ ರೂಪಾಯಿ ಹಣ ಕಂದಾಯವನ್ನು ಗ್ರಾಮ ಪಂಚಾಯಿತಿ ವತಿಯಿಂದ ವಸೂಲು ಮಾಡುತ್ತಿದ್ದು, ಈ ಹಣ
ಕಂದಾಯ ಕಟ್ಟಲು ಬಡವರಿಗೆ ಸಾಧ್ಯವಿಲ್ಲದ ಕಾರಣ ಶಾಸಕರ ಗಮನಕ್ಕೆ ತಂದಿದ್ದು ಈ ಸ್ವತ್ತು ನೀಡಲು ಸರ್ಕಾರದ ಯೋಜನೆ ಮೂಲಕ ಕಂದಾಯ ಕಡಿಮೆ ಮಾಡಿ ಬಡವರಿಗೆ ಸಹಾಯ ಮಾಡಬೇಕು ಎಂದು ಮನವಿ ಮಾಡಿದರು. ಶಾಸಕರು ಸಂಬಂಧಪಟ್ಟ ಅಧಿಕಾರಿಗಳಿಗೆ ಸೂಚನೆ ನೀಡಿ ಸಮಸ್ಯೆ ಬಗೆಹರಿಸುವ ಭರವಸೆ ನೀಡಿದರು. ಈ ಸಂದರ್ಭದಲ್ಲಿ ಗ್ರಾಮದ ಮುಖಂಡರಾದ ನಿಂಗೇಗೌಡ, ಶಿವಣ್ಣ, ಎ ಕುಮಾರ್, ವಾದಿ ಶಿವಣ್ಣ, ಸಣ್ಣಪ್ಪ, ಇತರರು, ಗ್ರಾಮಸ್ಥರು, ಹಾಜರಿದ್ದರು
